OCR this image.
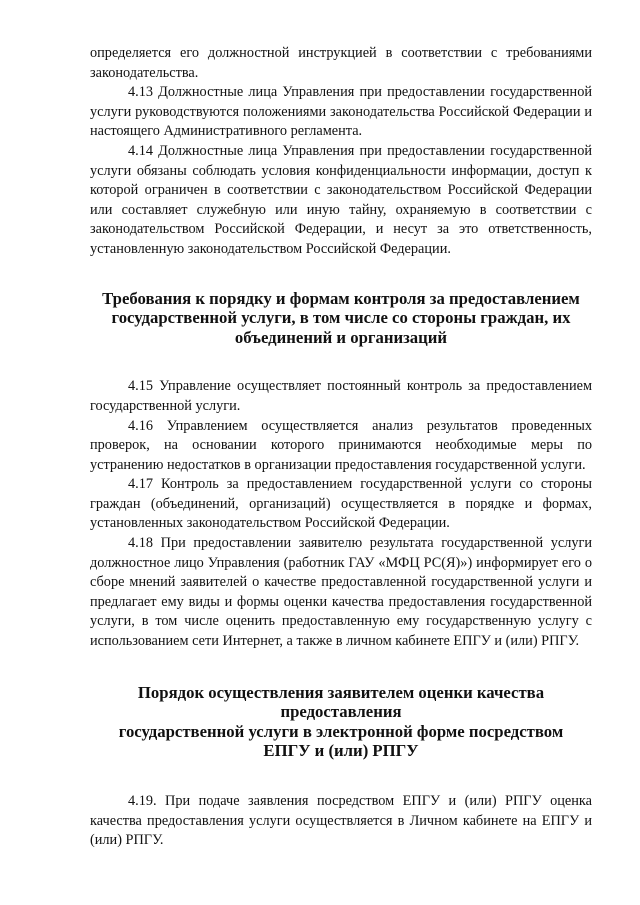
определяется его должностной инструкцией в соответствии с требованиями законодательства.

4.13 Должностные лица Управления при предоставлении государственной услуги руководствуются положениями законодательства Российской Федерации и настоящего Административного регламента.

4.14 Должностные лица Управления при предоставлении государственной услуги обязаны соблюдать условия конфиденциальности информации, доступ к которой ограничен в соответствии с законодательством Российской Федерации или составляет служебную или иную тайну, охраняемую в соответствии с законодательством Российской Федерации, и несут за это ответственность, установленную законодательством Российской Федерации.

Требования к порядку и формам контроля за предоставлением
государственной услуги, в том числе со стороны граждан, их
объединений и организаций

4.15 Управление осуществляет постоянный контроль за предоставлением государственной услуги.

4.16 Управлением осуществляется анализ результатов проведенных проверок, на основании которого принимаются необходимые меры по устранению недостатков в организации предоставления государственной услуги.

4.17 Контроль за предоставлением государственной услуги со стороны граждан (объединений, организаций) осуществляется в порядке и формах, установленных законодательством Российской Федерации.

4.18 При предоставлении заявителю результата государственной услуги должностное лицо Управления (работник ГАУ «МФЦ РС(Я)») информирует его о сборе мнений заявителей о качестве предоставленной государственной услуги и предлагает ему виды и формы оценки качества предоставления государственной услуги, в том числе оценить предоставленную ему государственную услугу с использованием сети Интернет, а также в личном кабинете ЕПГУ и (или) РПГУ.

Порядок осуществления заявителем оценки качества предоставления
государственной услуги в электронной форме посредством
ЕПГУ и (или) РПГУ

4.19. При подаче заявления посредством ЕПГУ и (или) РПГУ оценка качества предоставления услуги осуществляется в Личном кабинете на ЕПГУ и (или) РПГУ.
